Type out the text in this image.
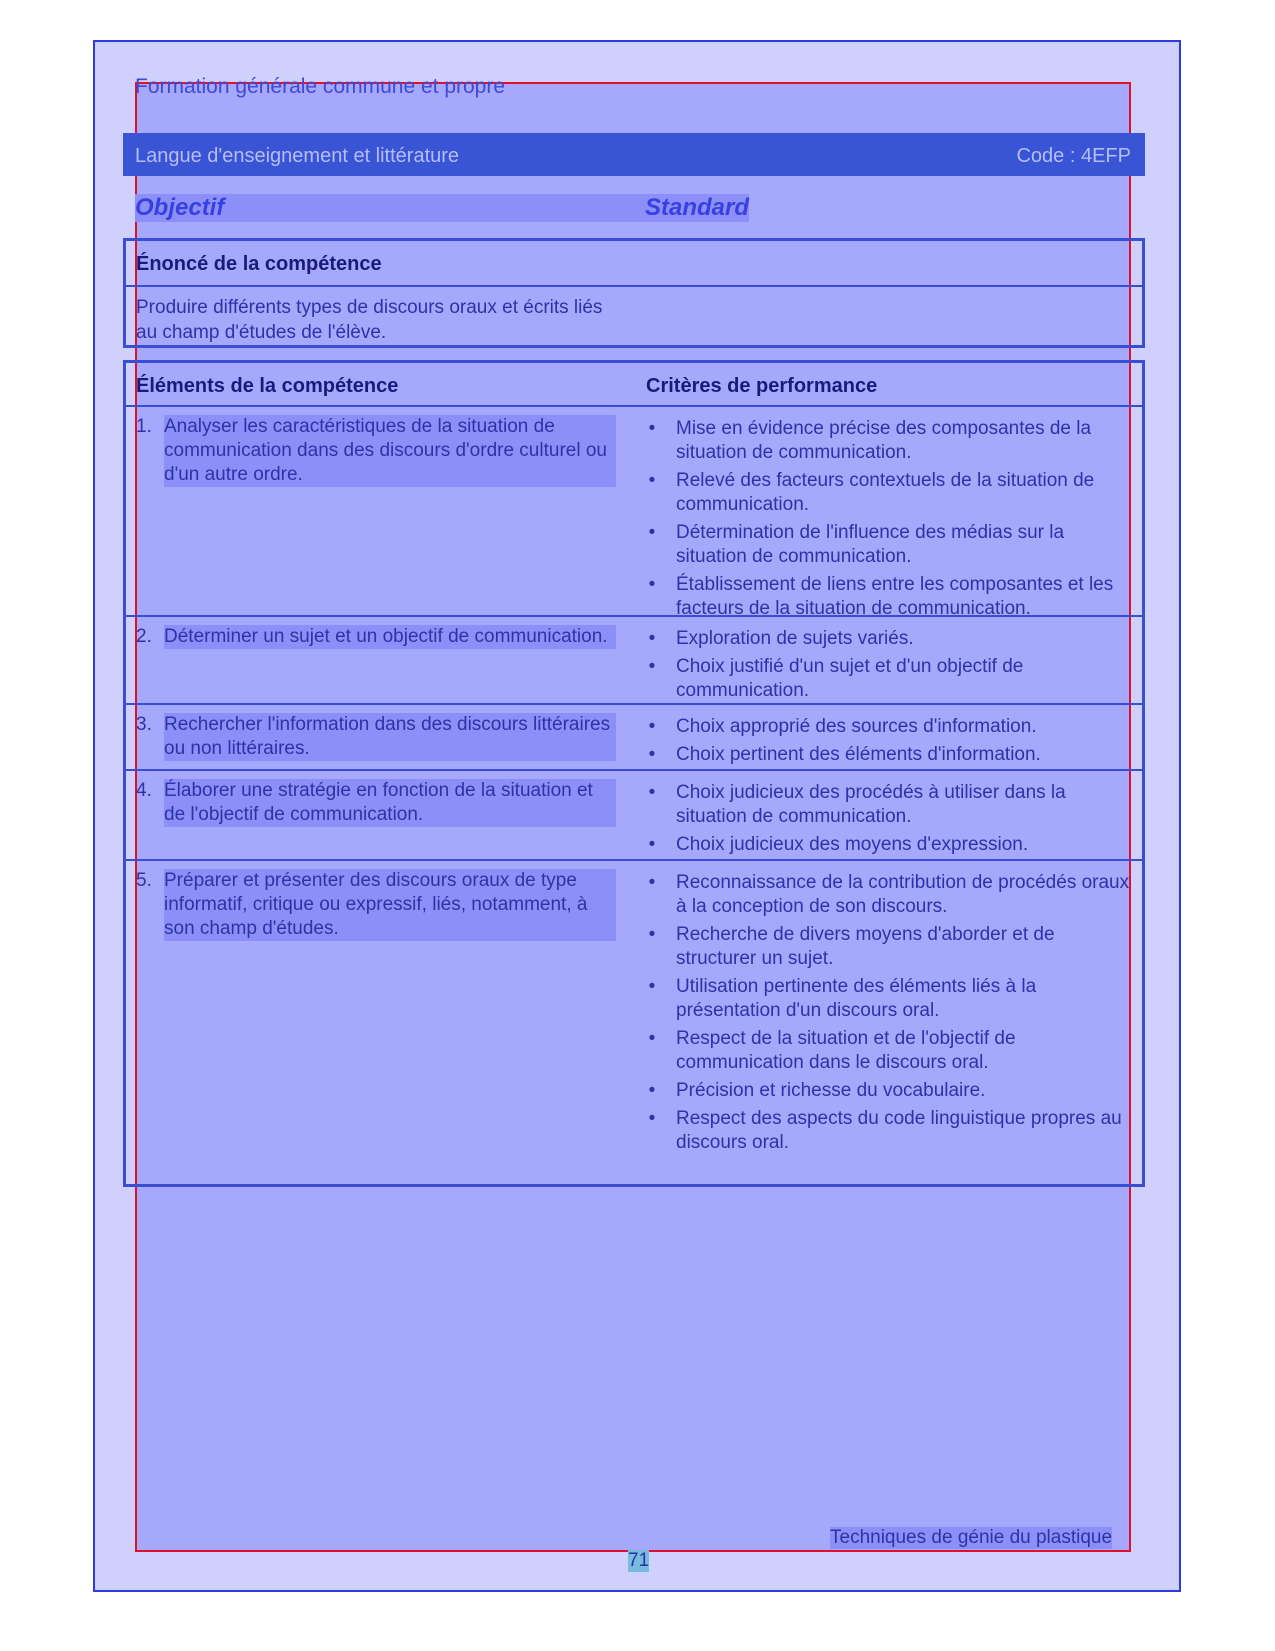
Formation générale commune et propre
Langue d'enseignement et littérature	Code : 4EFP
Objectif	Standard
Énoncé de la compétence
Produire différents types de discours oraux et écrits liés au champ d'études de l'élève.
Éléments de la compétence	Critères de performance
1. Analyser les caractéristiques de la situation de communication dans des discours d'ordre culturel ou d'un autre ordre.
• Mise en évidence précise des composantes de la situation de communication.
• Relevé des facteurs contextuels de la situation de communication.
• Détermination de l'influence des médias sur la situation de communication.
• Établissement de liens entre les composantes et les facteurs de la situation de communication.
2. Déterminer un sujet et un objectif de communication.	• Exploration de sujets variés.
• Choix justifié d'un sujet et d'un objectif de communication.
3. Rechercher l'information dans des discours littéraires ou non littéraires.
• Choix approprié des sources d'information.
• Choix pertinent des éléments d'information.
4. Élaborer une stratégie en fonction de la situation et de l'objectif de communication.
• Choix judicieux des procédés à utiliser dans la situation de communication.
• Choix judicieux des moyens d'expression.
5. Préparer et présenter des discours oraux de type informatif, critique ou expressif, liés, notamment, à son champ d'études.
• Reconnaissance de la contribution de procédés oraux à la conception de son discours.
• Recherche de divers moyens d'aborder et de structurer un sujet.
• Utilisation pertinente des éléments liés à la présentation d'un discours oral.
• Respect de la situation et de l'objectif de communication dans le discours oral.
• Précision et richesse du vocabulaire.
• Respect des aspects du code linguistique propres au discours oral.
Techniques de génie du plastique
71
